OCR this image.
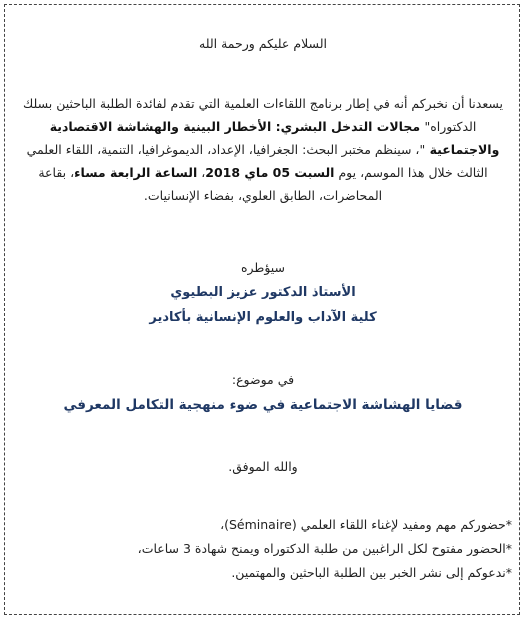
السلام عليكم ورحمة الله
يسعدنا أن نخبركم أنه في إطار برنامج اللقاءات العلمية التي تقدم لفائدة الطلبة الباحثين بسلك الدكتوراه" مجالات التدخل البشري: الأخطار البينية والهشاشة الاقتصادية والاجتماعية "، سينظم مختبر البحث: الجغرافيا، الإعداد، الديموغرافيا، التنمية، اللقاء العلمي الثالث خلال هذا الموسم، يوم السبت 05 ماي 2018، الساعة الرابعة مساء، بقاعة المحاضرات، الطابق العلوي، بفضاء الإنسانيات.
سيؤطره
الأستاذ الدكتور عزيز البطيوي
كلية الآداب والعلوم الإنسانية بأكادير
في موضوع:
قضايا الهشاشة الاجتماعية في ضوء منهجية التكامل المعرفي
والله الموفق.
*حضوركم مهم ومفيد لإغناء اللقاء العلمي (Séminaire)،
*الحضور مفتوح لكل الراغبين من طلبة الدكتوراه ويمنح شهادة 3 ساعات،
*ندعوكم إلى نشر الخبر بين الطلبة الباحثين والمهتمين.
